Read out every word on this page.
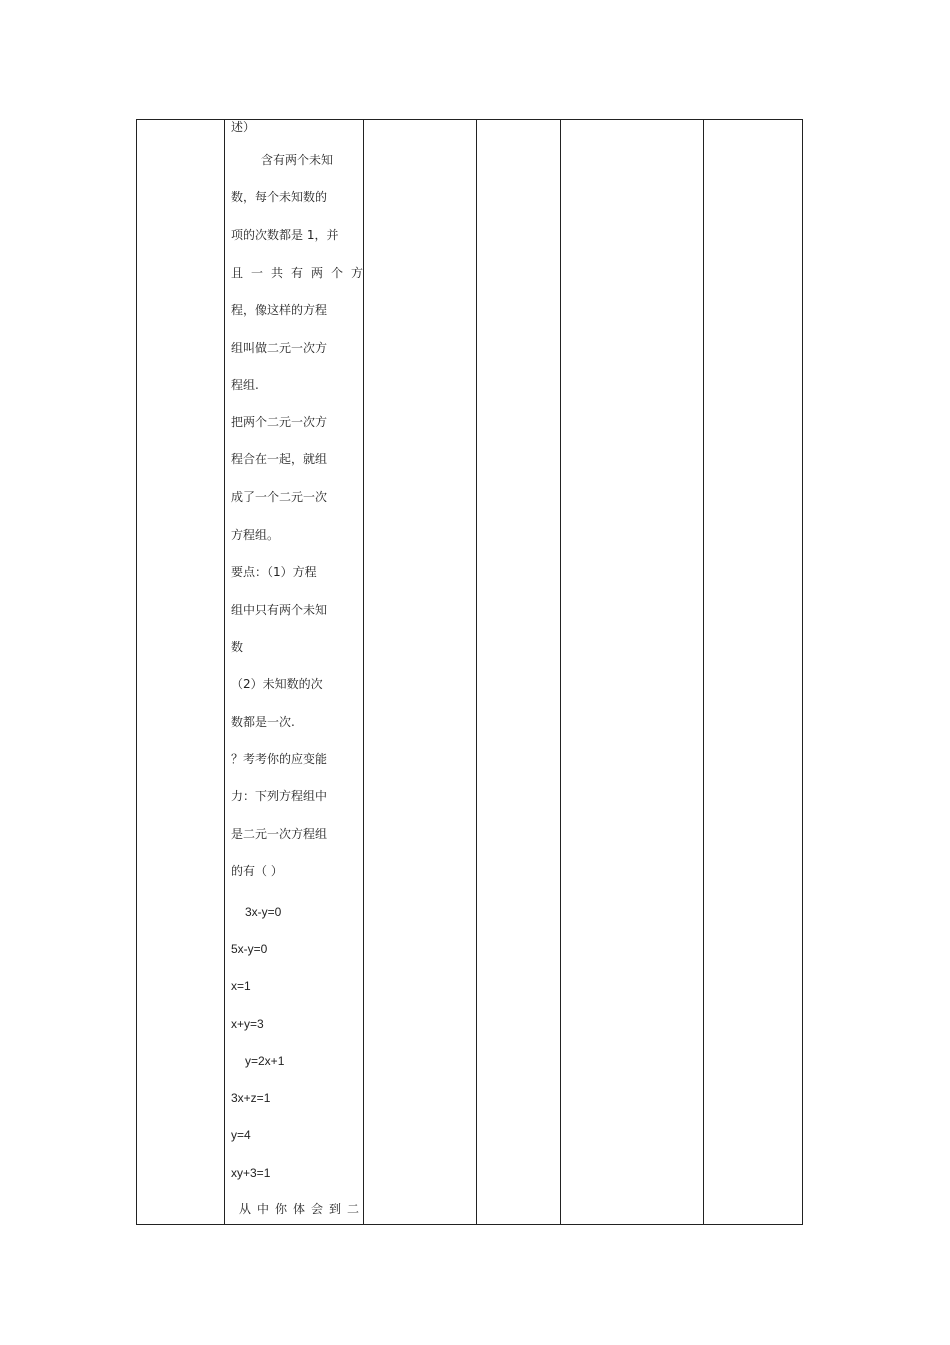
述）
含有两个未知
数，每个未知数的
项的次数都是 1，并
且一共有两个方
程，像这样的方程
组叫做二元一次方
程组.
把两个二元一次方
程合在一起，就组
成了一个二元一次
方程组。
要点：（1）方程
组中只有两个未知
数
（2）未知数的次
数都是一次.
？考考你的应变能
力：下列方程组中
是二元一次方程组
的有（ ）
3x-y=0
5x-y=0
x=1
x+y=3
y=2x+1
3x+z=1
y=4
xy+3=1
从中你体会到二
